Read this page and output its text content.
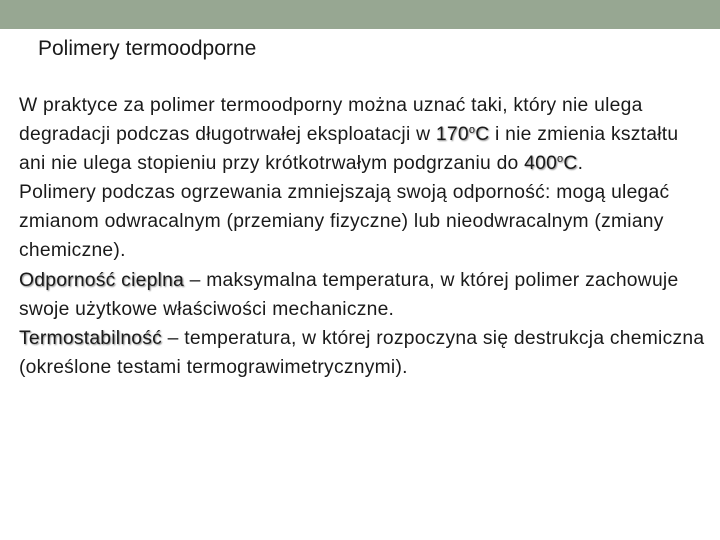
Polimery termoodporne

W praktyce za polimer termoodporny można uznać taki, który nie ulega degradacji podczas długotrwałej eksploatacji w 170$^o$C i nie zmienia kształtu ani nie ulega stopieniu przy krótkotrwałym podgrzaniu do 400$^o$C.

Polimery podczas ogrzewania zmniejszają swoją odporność: mogą ulegać zmianom odwracalnym (przemiany fizyczne) lub nieodwracalnym (zmiany chemiczne).

Odporność cieplna – maksymalna temperatura, w której polimer zachowuje swoje użytkowe właściwości mechaniczne.

Termostabilność – temperatura, w której rozpoczyna się destrukcja chemiczna (określone testami termograwimetrycznymi).
